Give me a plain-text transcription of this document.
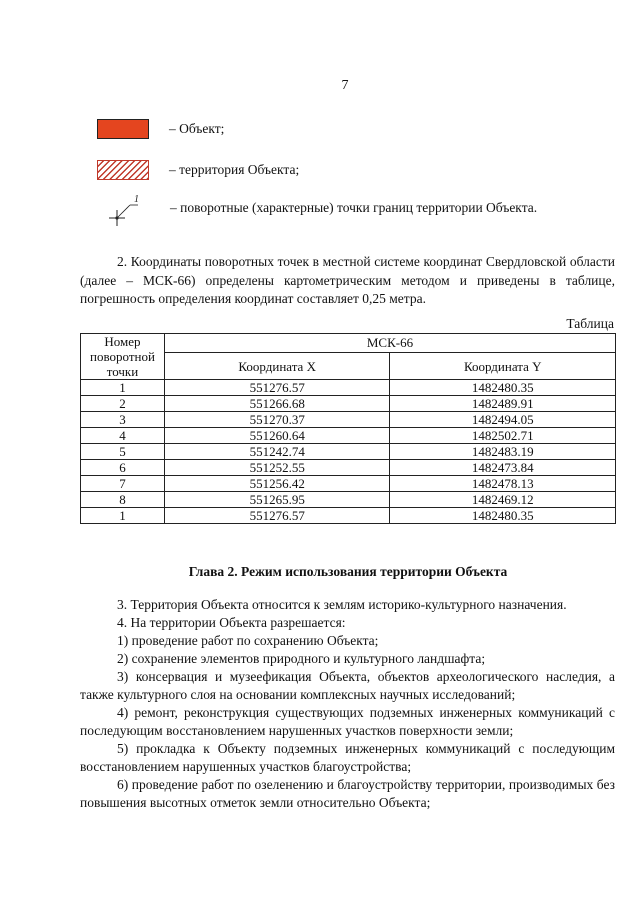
7
– Объект;
– территория Объекта;
1
– поворотные (характерные) точки границ территории Объекта.
2. Координаты поворотных точек в местной системе координат Свердловской области (далее – МСК-66) определены картометрическим методом и приведены в таблице, погрешность определения координат составляет 0,25 метра.
Таблица
Номер поворотной точки	МСК-66	
	Координата X	Координата Y
1	551276.57	1482480.35
2	551266.68	1482489.91
3	551270.37	1482494.05
4	551260.64	1482502.71
5	551242.74	1482483.19
6	551252.55	1482473.84
7	551256.42	1482478.13
8	551265.95	1482469.12
1	551276.57	1482480.35
Глава 2. Режим использования территории Объекта
3. Территория Объекта относится к землям историко-культурного назначения.
4. На территории Объекта разрешается:
1) проведение работ по сохранению Объекта;
2) сохранение элементов природного и культурного ландшафта;
3) консервация и музеефикация Объекта, объектов археологического наследия, а также культурного слоя на основании комплексных научных исследований;
4) ремонт, реконструкция существующих подземных инженерных коммуникаций с последующим восстановлением нарушенных участков поверхности земли;
5) прокладка к Объекту подземных инженерных коммуникаций с последующим восстановлением нарушенных участков благоустройства;
6) проведение работ по озеленению и благоустройству территории, производимых без повышения высотных отметок земли относительно Объекта;
